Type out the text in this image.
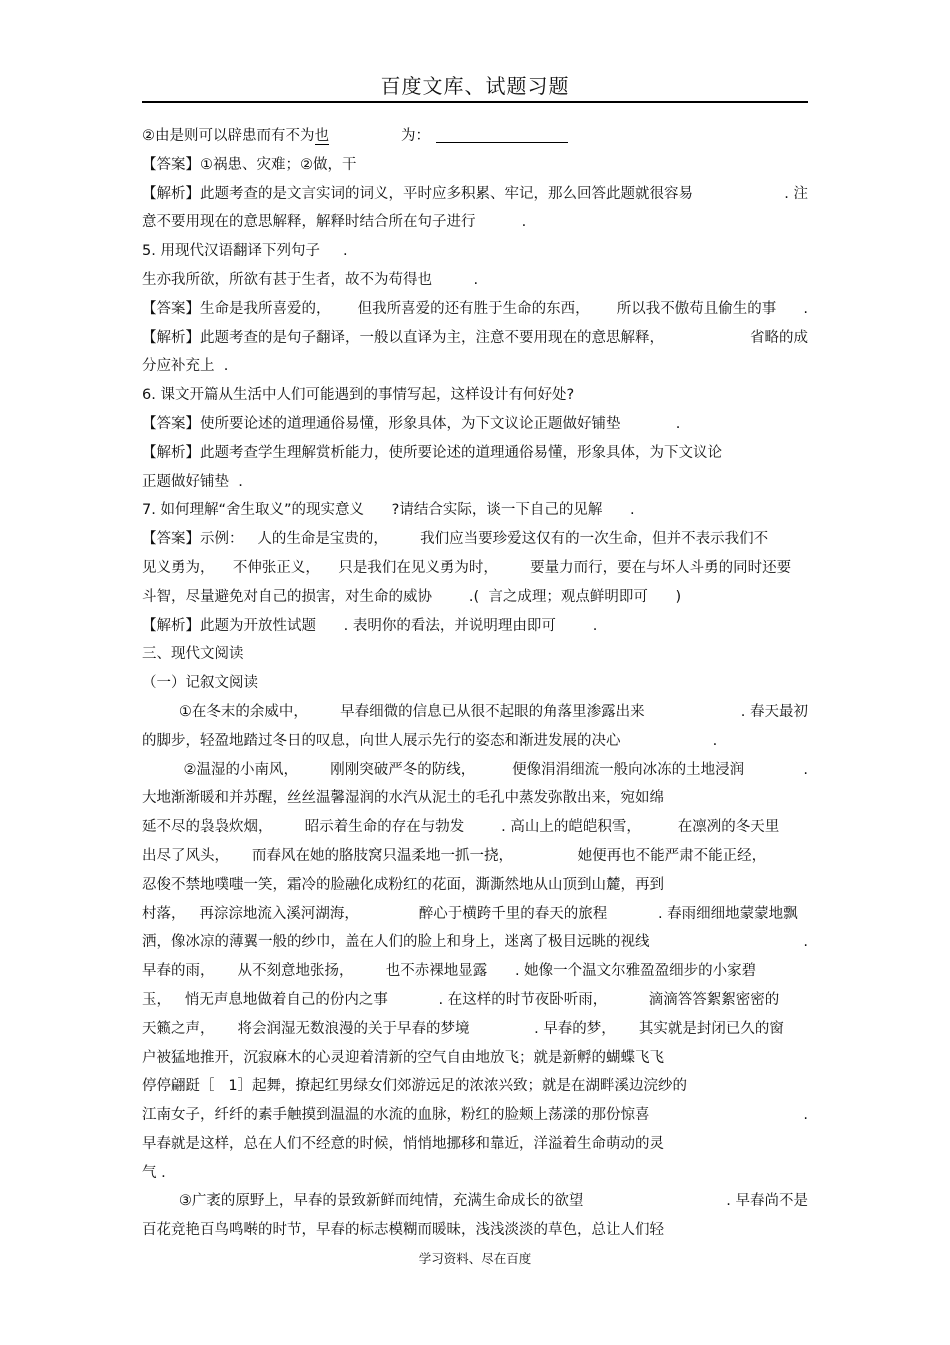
百度文库、试题习题
②由是则可以辟患而有不为也	为：
【答案】①祸患、灾难；②做，干
【解析】此题考查的是文言实词的词义，平时应多积累、牢记，那么回答此题就很容易	. 注
意不要用现在的意思解释，解释时结合所在句子进行          .
5. 用现代汉语翻译下列句子     .
生亦我所欲，所欲有甚于生者，故不为苟得也         .
【答案】生命是我所喜爱的， 但我所喜爱的还有胜于生命的东西， 所以我不傲苟且偷生的事 .
【解析】此题考查的是句子翻译，一般以直译为主，注意不要用现在的意思解释，	省略的成
分应补充上  .
6. 课文开篇从生活中人们可能遇到的事情写起，这样设计有何好处?
【答案】使所要论述的道理通俗易懂，形象具体，为下文议论正题做好铺垫            .
【解析】此题考查学生理解赏析能力，使所要论述的道理通俗易懂，形象具体，为下文议论
正题做好铺垫  .
7. 如何理解“舍生取义”的现实意义      ?请结合实际，谈一下自己的见解      .
【答案】示例：   人的生命是宝贵的，       我们应当要珍爱这仅有的一次生命，但并不表示我们不
见义勇为，    不伸张正义，    只是我们在见义勇为时，       要量力而行，要在与坏人斗勇的同时还要
斗智，尽量避免对自己的损害，对生命的威协        .(  言之成理；观点鲜明即可      )
【解析】此题为开放性试题      . 表明你的看法，并说明理由即可        .
三、现代文阅读
（一）记叙文阅读
①在冬末的余威中，       早春细微的信息已从很不起眼的角落里渗露出来	. 春天最初
的脚步，轻盈地踏过冬日的叹息，向世人展示先行的姿态和渐进发展的决心                    .
②温湿的小南风，       刚刚突破严冬的防线，        便像涓涓细流一般向冰冻的土地浸润	.
大地渐渐暖和并苏醒，丝丝温馨湿润的水汽从泥土的毛孔中蒸发弥散出来，宛如绵
延不尽的袅袅炊烟，       昭示着生命的存在与勃发        . 高山上的皑皑积雪，        在凛冽的冬天里
出尽了风头，     而春风在她的胳肢窝只温柔地一抓一挠，              她便再也不能严肃不能正经，
忍俊不禁地噗嗤一笑，霜冷的脸融化成粉红的花面，澌澌然地从山顶到山麓，再到
村落，   再淙淙地流入溪河湖海，             醉心于横跨千里的春天的旅程           . 春雨细细地蒙蒙地飘
洒，像冰凉的薄翼一般的纱巾，盖在人们的脸上和身上，迷离了极目远眺的视线	.
早春的雨，     从不刻意地张扬，       也不赤裸地显露      . 她像一个温文尔雅盈盈细步的小家碧
玉，   悄无声息地做着自己的份内之事           . 在这样的时节夜卧听雨，         滴滴答答絮絮密密的
天籁之声，     将会润湿无数浪漫的关于早春的梦境              . 早春的梦，     其实就是封闭已久的窗
户被猛地推开，沉寂麻木的心灵迎着清新的空气自由地放飞；就是新孵的蝴蝶飞飞
停停翩跹［   1］起舞，撩起红男绿女们郊游远足的浓浓兴致；就是在湖畔溪边浣纱的
江南女子，纤纤的素手触摸到温温的水流的血脉，粉红的脸颊上荡漾的那份惊喜	.
早春就是这样，总在人们不经意的时候，悄悄地挪移和靠近，洋溢着生命萌动的灵
气 .
③广袤的原野上，早春的景致新鲜而纯情，充满生命成长的欲望	. 早春尚不是
百花竞艳百鸟鸣啭的时节，早春的标志模糊而暖昧，浅浅淡淡的草色，总让人们轻
学习资料、尽在百度
